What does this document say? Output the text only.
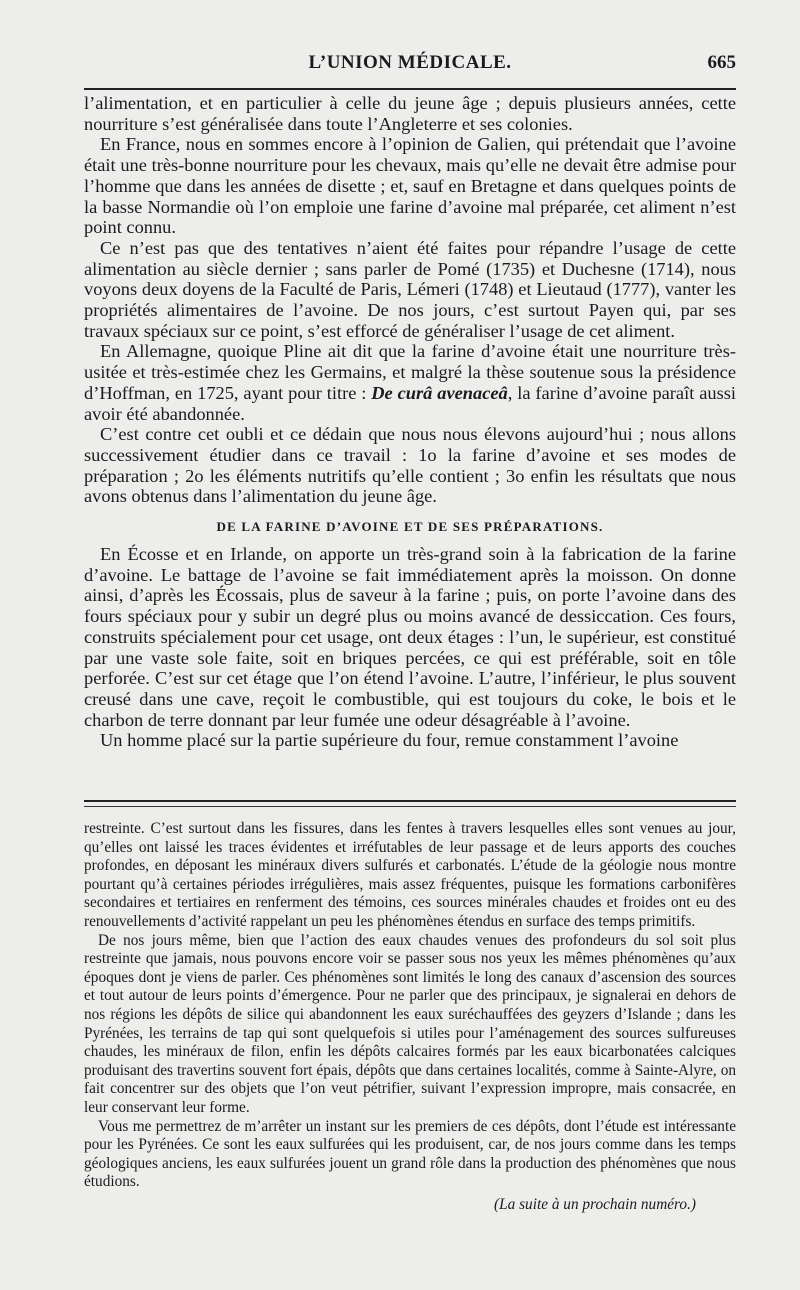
L’UNION MÉDICALE.	665

l’alimentation, et en particulier à celle du jeune âge ; depuis plusieurs années, cette nourriture s’est généralisée dans toute l’Angleterre et ses colonies.

En France, nous en sommes encore à l’opinion de Galien, qui prétendait que l’avoine était une très-bonne nourriture pour les chevaux, mais qu’elle ne devait être admise pour l’homme que dans les années de disette ; et, sauf en Bretagne et dans quelques points de la basse Normandie où l’on emploie une farine d’avoine mal préparée, cet aliment n’est point connu.

Ce n’est pas que des tentatives n’aient été faites pour répandre l’usage de cette alimentation au siècle dernier ; sans parler de Pomé (1735) et Duchesne (1714), nous voyons deux doyens de la Faculté de Paris, Lémeri (1748) et Lieutaud (1777), vanter les propriétés alimentaires de l’avoine. De nos jours, c’est surtout Payen qui, par ses travaux spéciaux sur ce point, s’est efforcé de généraliser l’usage de cet aliment.

En Allemagne, quoique Pline ait dit que la farine d’avoine était une nourriture très-usitée et très-estimée chez les Germains, et malgré la thèse soutenue sous la présidence d’Hoffman, en 1725, ayant pour titre : De curâ avenaceâ, la farine d’avoine paraît aussi avoir été abandonnée.

C’est contre cet oubli et ce dédain que nous nous élevons aujourd’hui ; nous allons successivement étudier dans ce travail : 1o la farine d’avoine et ses modes de préparation ; 2o les éléments nutritifs qu’elle contient ; 3o enfin les résultats que nous avons obtenus dans l’alimentation du jeune âge.

DE LA FARINE D’AVOINE ET DE SES PRÉPARATIONS.

En Écosse et en Irlande, on apporte un très-grand soin à la fabrication de la farine d’avoine. Le battage de l’avoine se fait immédiatement après la moisson. On donne ainsi, d’après les Écossais, plus de saveur à la farine ; puis, on porte l’avoine dans des fours spéciaux pour y subir un degré plus ou moins avancé de dessiccation. Ces fours, construits spécialement pour cet usage, ont deux étages : l’un, le supérieur, est constitué par une vaste sole faite, soit en briques percées, ce qui est préférable, soit en tôle perforée. C’est sur cet étage que l’on étend l’avoine. L’autre, l’inférieur, le plus souvent creusé dans une cave, reçoit le combustible, qui est toujours du coke, le bois et le charbon de terre donnant par leur fumée une odeur désagréable à l’avoine.

Un homme placé sur la partie supérieure du four, remue constamment l’avoine

restreinte. C’est surtout dans les fissures, dans les fentes à travers lesquelles elles sont venues au jour, qu’elles ont laissé les traces évidentes et irréfutables de leur passage et de leurs apports des couches profondes, en déposant les minéraux divers sulfurés et carbonatés. L’étude de la géologie nous montre pourtant qu’à certaines périodes irrégulières, mais assez fréquentes, puisque les formations carbonifères secondaires et tertiaires en renferment des témoins, ces sources minérales chaudes et froides ont eu des renouvellements d’activité rappelant un peu les phénomènes étendus en surface des temps primitifs.

De nos jours même, bien que l’action des eaux chaudes venues des profondeurs du sol soit plus restreinte que jamais, nous pouvons encore voir se passer sous nos yeux les mêmes phénomènes qu’aux époques dont je viens de parler. Ces phénomènes sont limités le long des canaux d’ascension des sources et tout autour de leurs points d’émergence. Pour ne parler que des principaux, je signalerai en dehors de nos régions les dépôts de silice qui abandonnent les eaux suréchauffées des geyzers d’Islande ; dans les Pyrénées, les terrains de tap qui sont quelquefois si utiles pour l’aménagement des sources sulfureuses chaudes, les minéraux de filon, enfin les dépôts calcaires formés par les eaux bicarbonatées calciques produisant des travertins souvent fort épais, dépôts que dans certaines localités, comme à Sainte-Alyre, on fait concentrer sur des objets que l’on veut pétrifier, suivant l’expression impropre, mais consacrée, en leur conservant leur forme.

Vous me permettrez de m’arrêter un instant sur les premiers de ces dépôts, dont l’étude est intéressante pour les Pyrénées. Ce sont les eaux sulfurées qui les produisent, car, de nos jours comme dans les temps géologiques anciens, les eaux sulfurées jouent un grand rôle dans la production des phénomènes que nous étudions.

(La suite à un prochain numéro.)
